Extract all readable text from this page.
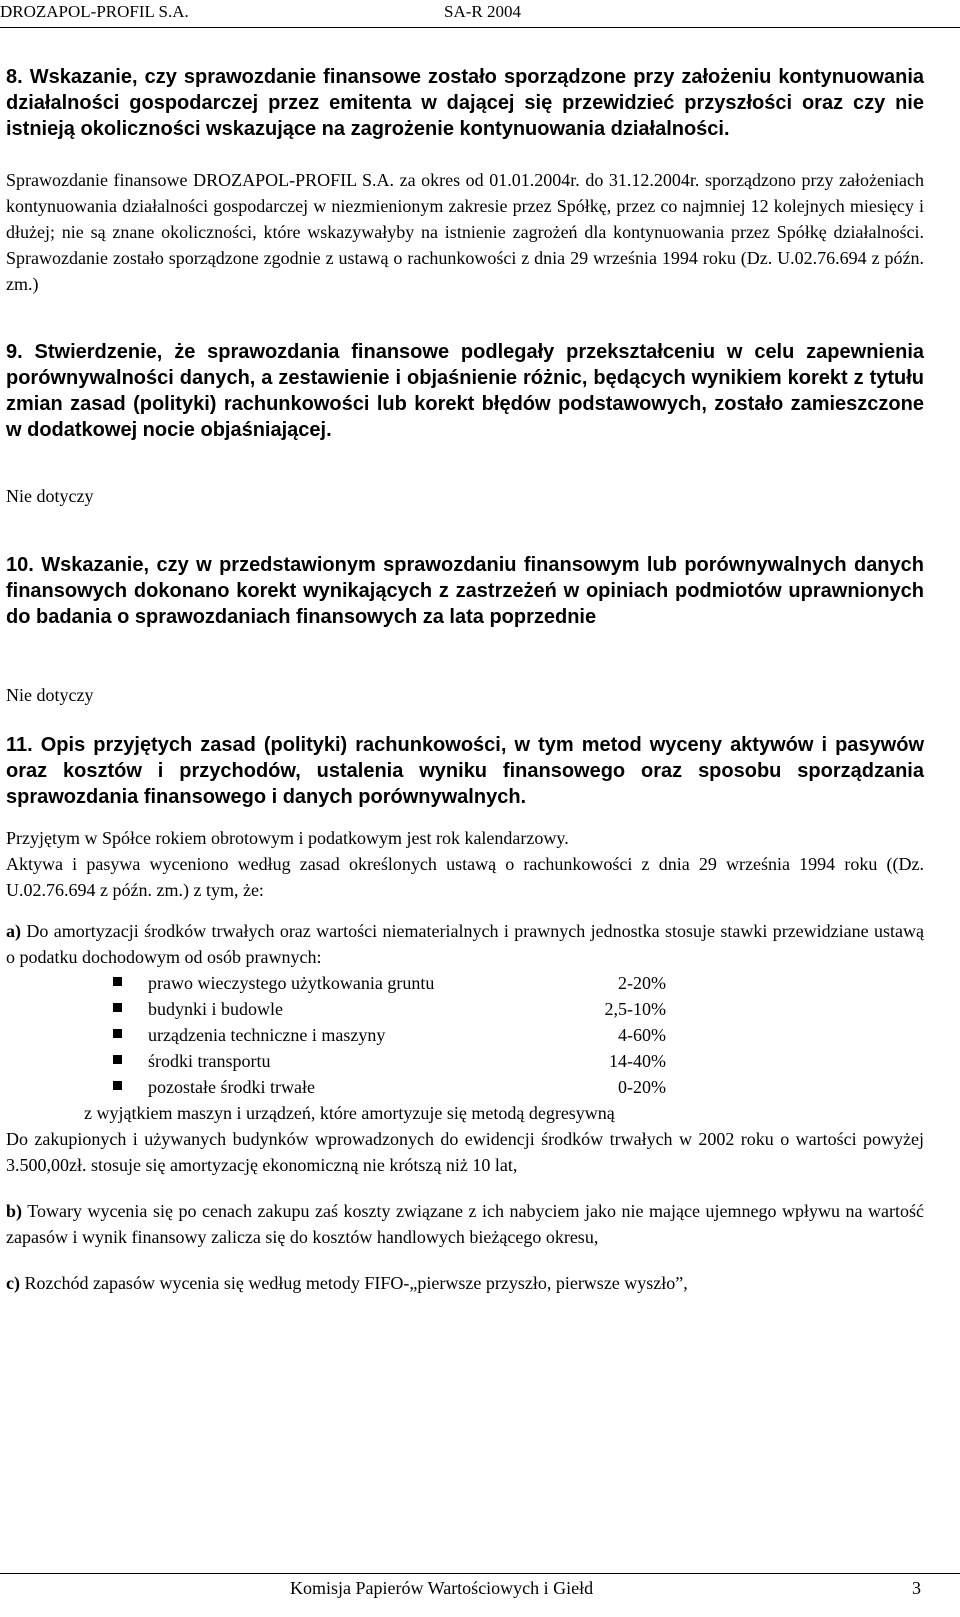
DROZAPOL-PROFIL S.A.	SA-R 2004

8. Wskazanie, czy sprawozdanie finansowe zostało sporządzone przy założeniu kontynuowania działalności gospodarczej przez emitenta w dającej się przewidzieć przyszłości oraz czy nie istnieją okoliczności wskazujące na zagrożenie kontynuowania działalności.

Sprawozdanie finansowe DROZAPOL-PROFIL S.A. za okres od 01.01.2004r. do 31.12.2004r. sporządzono przy założeniach kontynuowania działalności gospodarczej w niezmienionym zakresie przez Spółkę, przez co najmniej 12 kolejnych miesięcy i dłużej; nie są znane okoliczności, które wskazywałyby na istnienie zagrożeń dla kontynuowania przez Spółkę działalności. Sprawozdanie zostało sporządzone zgodnie z ustawą o rachunkowości z dnia 29 września 1994 roku (Dz. U.02.76.694 z późn. zm.)

9. Stwierdzenie, że sprawozdania finansowe podlegały przekształceniu w celu zapewnienia porównywalności danych, a zestawienie i objaśnienie różnic, będących wynikiem korekt z tytułu zmian zasad (polityki) rachunkowości lub korekt błędów podstawowych, zostało zamieszczone w dodatkowej nocie objaśniającej.

Nie dotyczy

10. Wskazanie, czy w przedstawionym sprawozdaniu finansowym lub porównywalnych danych finansowych dokonano korekt wynikających z zastrzeżeń w opiniach podmiotów uprawnionych do badania o sprawozdaniach finansowych za lata poprzednie

Nie dotyczy

11. Opis przyjętych zasad (polityki) rachunkowości, w tym metod wyceny aktywów i pasywów oraz kosztów i przychodów, ustalenia wyniku finansowego oraz sposobu sporządzania sprawozdania finansowego i danych porównywalnych.

Przyjętym w Spółce rokiem obrotowym i podatkowym jest rok kalendarzowy.

Aktywa i pasywa wyceniono według zasad określonych ustawą o rachunkowości z dnia 29 września 1994 roku ((Dz. U.02.76.694 z późn. zm.) z tym, że:

a) Do amortyzacji środków trwałych oraz wartości niematerialnych i prawnych jednostka stosuje stawki przewidziane ustawą o podatku dochodowym od osób prawnych:

prawo wieczystego użytkowania gruntu	2-20%
budynki i budowle	2,5-10%
urządzenia techniczne i maszyny	4-60%
środki transportu	14-40%
pozostałe środki trwałe	0-20%

z wyjątkiem maszyn i urządzeń, które amortyzuje się metodą degresywną

Do zakupionych i używanych budynków wprowadzonych do ewidencji środków trwałych w 2002 roku o wartości powyżej 3.500,00zł. stosuje się amortyzację ekonomiczną nie krótszą niż 10 lat,

b) Towary wycenia się po cenach zakupu zaś koszty związane z ich nabyciem jako nie mające ujemnego wpływu na wartość zapasów i wynik finansowy zalicza się do kosztów handlowych bieżącego okresu,

c) Rozchód zapasów wycenia się według metody FIFO-„pierwsze przyszło, pierwsze wyszło”,

Komisja Papierów Wartościowych i Giełd	3
